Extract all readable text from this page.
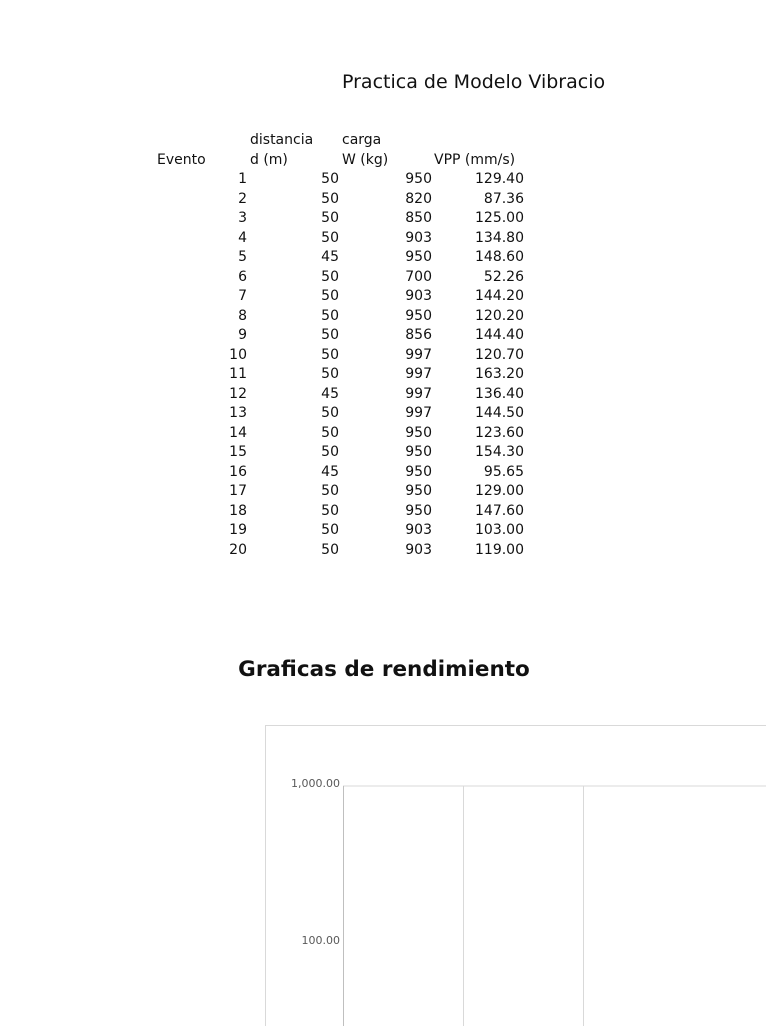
Practica de Modelo Vibracio
distancia carga
Evento	d (m)	W (kg)	VPP (mm/s)
1	50	950	129.40
2	50	820	87.36
3	50	850	125.00
4	50	903	134.80
5	45	950	148.60
6	50	700	52.26
7	50	903	144.20
8	50	950	120.20
9	50	856	144.40
10	50	997	120.70
11	50	997	163.20
12	45	997	136.40
13	50	997	144.50
14	50	950	123.60
15	50	950	154.30
16	45	950	95.65
17	50	950	129.00
18	50	950	147.60
19	50	903	103.00
20	50	903	119.00
Graficas de rendimiento
1,000.00
100.00
